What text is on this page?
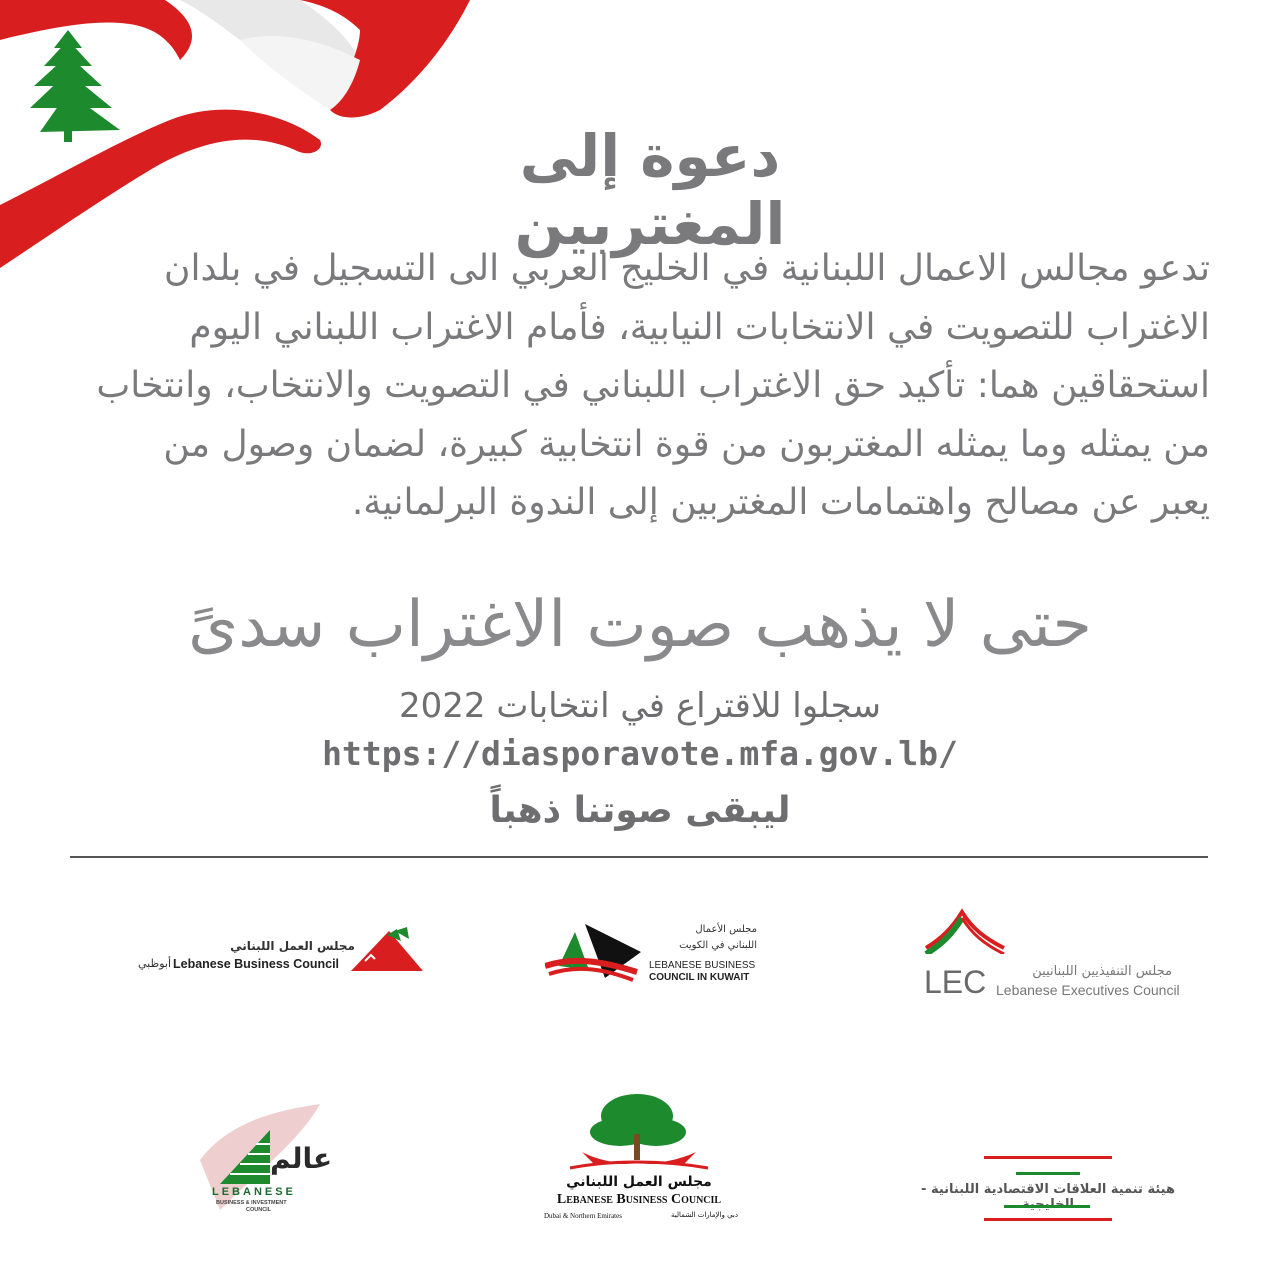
دعوة إلى المغتربين
تدعو مجالس الاعمال اللبنانية في الخليج العربي الى التسجيل في بلدان
الاغتراب للتصويت في الانتخابات النيابية، فأمام الاغتراب اللبناني اليوم
استحقاقين هما: تأكيد حق الاغتراب اللبناني في التصويت والانتخاب، وانتخاب
من يمثله وما يمثله المغتربون من قوة انتخابية كبيرة، لضمان وصول من
يعبر عن مصالح واهتمامات المغتربين إلى الندوة البرلمانية.
حتى لا يذهب صوت الاغتراب سدىً
سجلوا للاقتراع في انتخابات 2022
https://diasporavote.mfa.gov.lb/
ليبقى صوتنا ذهباً
مجلس العمل اللبناني
Lebanese Business Council
أبوظبي
مجلس الأعمال
اللبناني في الكويت
LEBANESE BUSINESS
COUNCIL IN KUWAIT	LEC	مجلس التنفيذيين اللبنانيين
Lebanese Executives Council
عالم
LEBANESE
BUSINESS & INVESTMENT
COUNCIL
مجلس العمل اللبناني
Lebanese Business Council
Dubai & Northern Emirates	دبي والإمارات الشمالية
هيئة تنمية العلاقات الاقتصادية اللبنانية -
